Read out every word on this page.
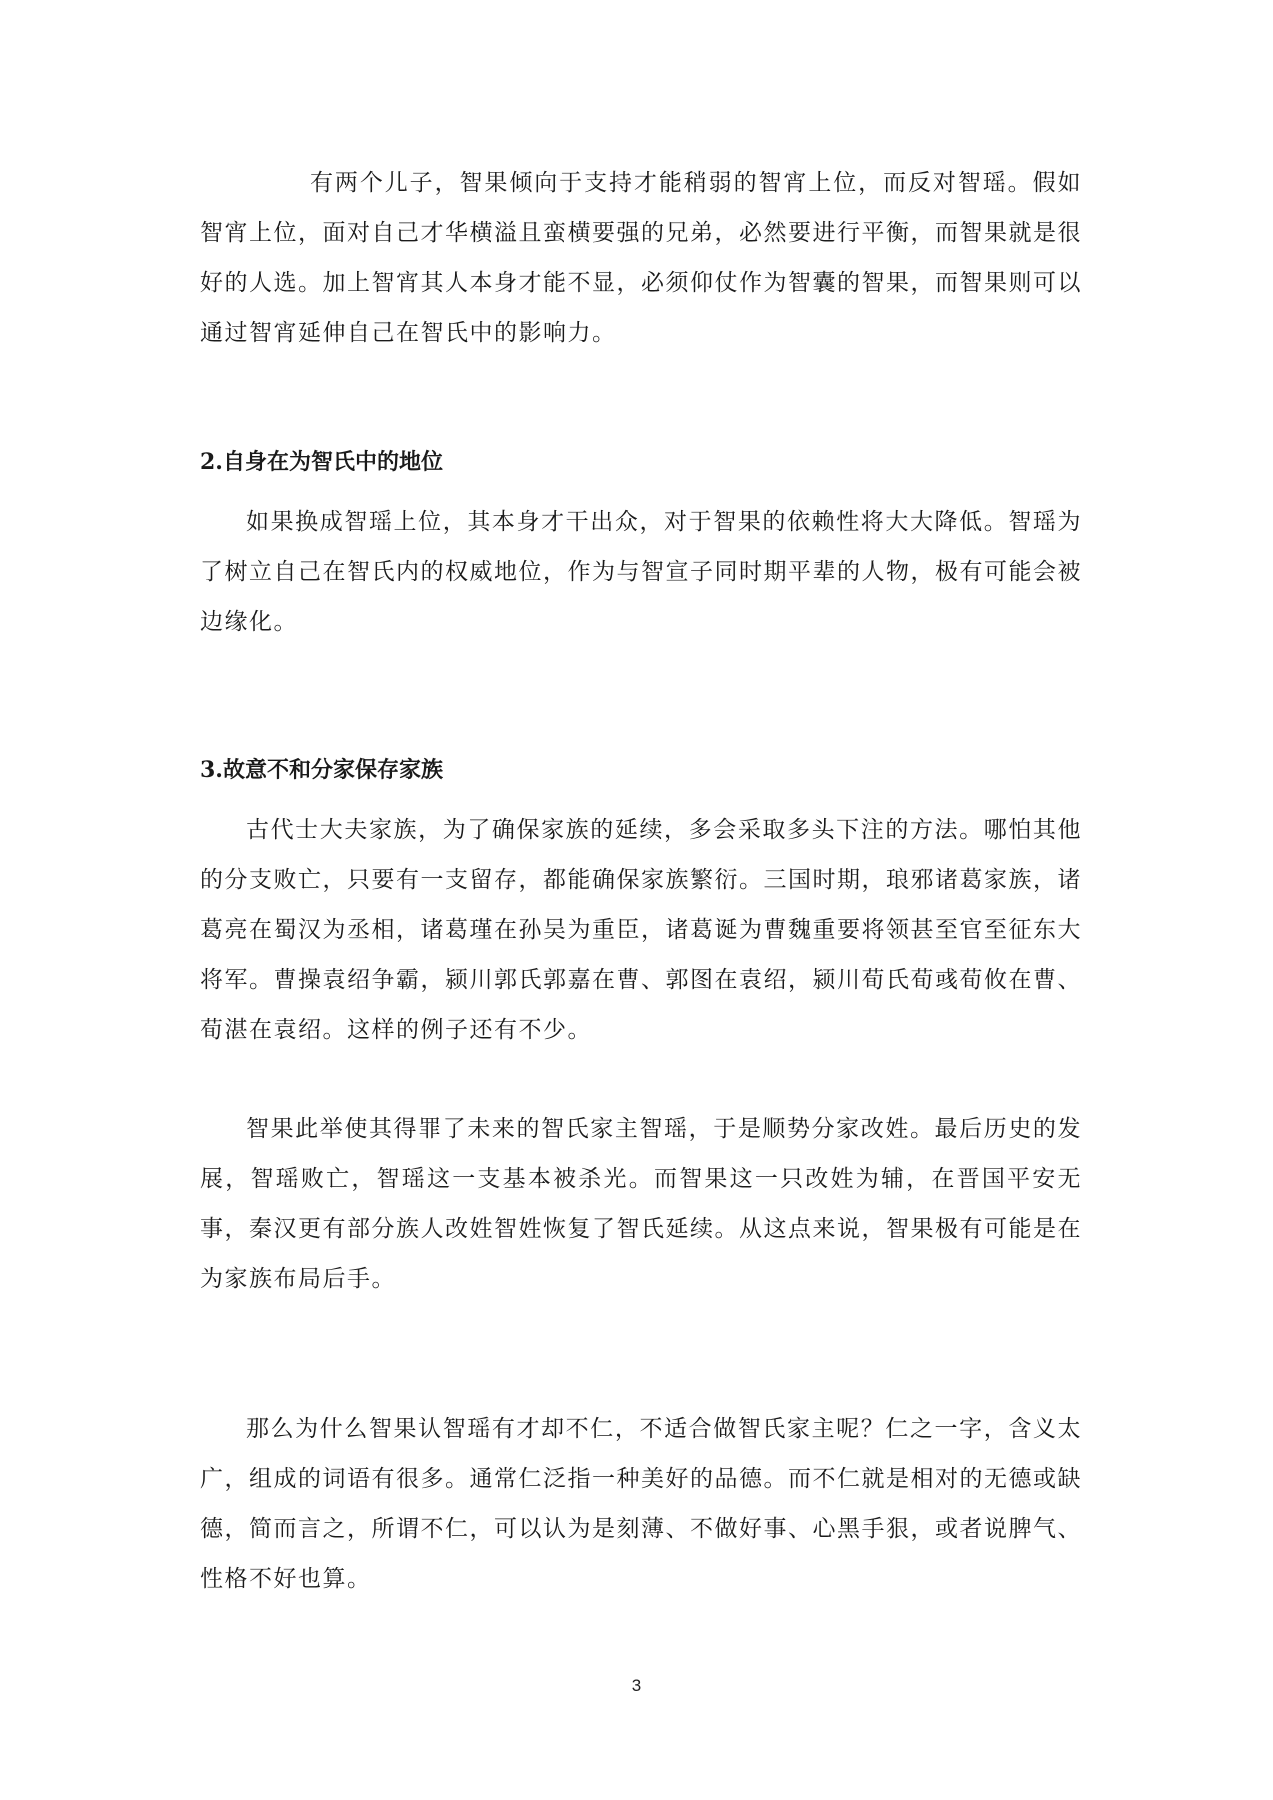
有两个儿子，智果倾向于支持才能稍弱的智宵上位，而反对智瑶。假如智宵上位，面对自己才华横溢且蛮横要强的兄弟，必然要进行平衡，而智果就是很好的人选。加上智宵其人本身才能不显，必须仰仗作为智囊的智果，而智果则可以通过智宵延伸自己在智氏中的影响力。

2.自身在为智氏中的地位

如果换成智瑶上位，其本身才干出众，对于智果的依赖性将大大降低。智瑶为了树立自己在智氏内的权威地位，作为与智宣子同时期平辈的人物，极有可能会被边缘化。

3.故意不和分家保存家族

古代士大夫家族，为了确保家族的延续，多会采取多头下注的方法。哪怕其他的分支败亡，只要有一支留存，都能确保家族繁衍。三国时期，琅邪诸葛家族，诸葛亮在蜀汉为丞相，诸葛瑾在孙吴为重臣，诸葛诞为曹魏重要将领甚至官至征东大将军。曹操袁绍争霸，颍川郭氏郭嘉在曹、郭图在袁绍，颍川荀氏荀彧荀攸在曹、荀湛在袁绍。这样的例子还有不少。

智果此举使其得罪了未来的智氏家主智瑶，于是顺势分家改姓。最后历史的发展，智瑶败亡，智瑶这一支基本被杀光。而智果这一只改姓为辅，在晋国平安无事，秦汉更有部分族人改姓智姓恢复了智氏延续。从这点来说，智果极有可能是在为家族布局后手。

那么为什么智果认智瑶有才却不仁，不适合做智氏家主呢？仁之一字，含义太广，组成的词语有很多。通常仁泛指一种美好的品德。而不仁就是相对的无德或缺德，简而言之，所谓不仁，可以认为是刻薄、不做好事、心黑手狠，或者说脾气、性格不好也算。

3
